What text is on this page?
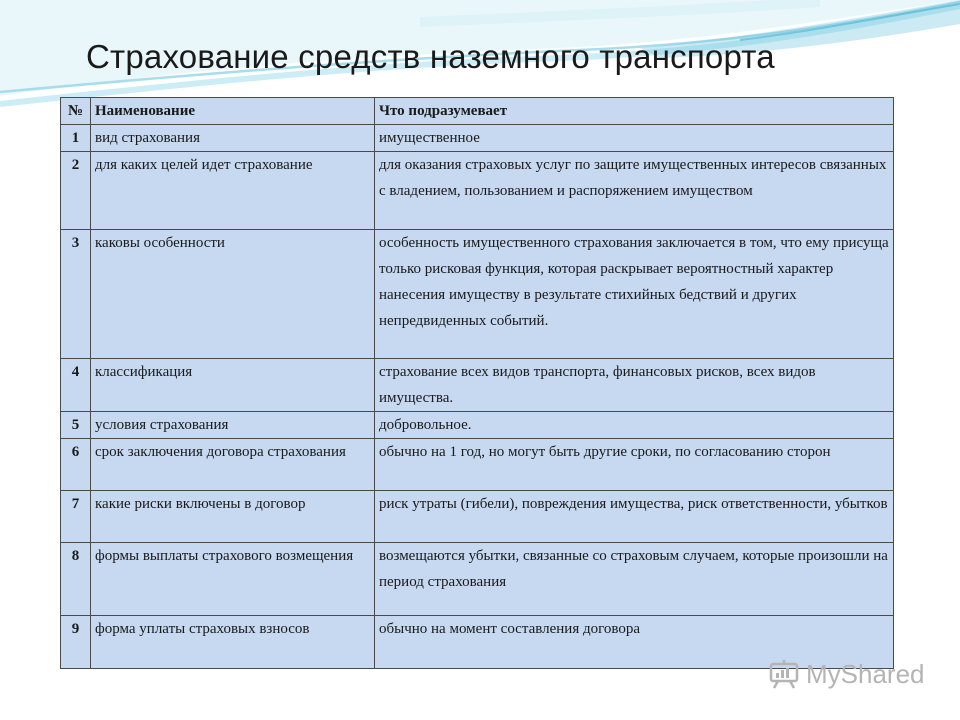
Страхование средств наземного транспорта
№	Наименование	Что подразумевает
1	вид страхования	имущественное
2	для каких целей идет страхование	для оказания страховых услуг по защите имущественных интересов связанных с владением, пользованием и распоряжением имуществом
3	каковы особенности	особенность имущественного страхования заключается в том, что ему присуща только рисковая функция, которая раскрывает вероятностный характер нанесения имуществу в результате стихийных бедствий и других непредвиденных событий.
4	классификация	страхование всех видов транспорта, финансовых рисков, всех видов имущества.
5	условия страхования	добровольное.
6	срок заключения договора страхования	обычно на 1 год, но могут быть другие сроки, по согласованию сторон
7	какие риски включены в договор	риск утраты (гибели), повреждения имущества, риск ответственности, убытков
8	формы выплаты страхового возмещения	возмещаются убытки, связанные со страховым случаем, которые произошли на период страхования
9	форма уплаты страховых взносов	обычно на момент составления договора
MyShared
